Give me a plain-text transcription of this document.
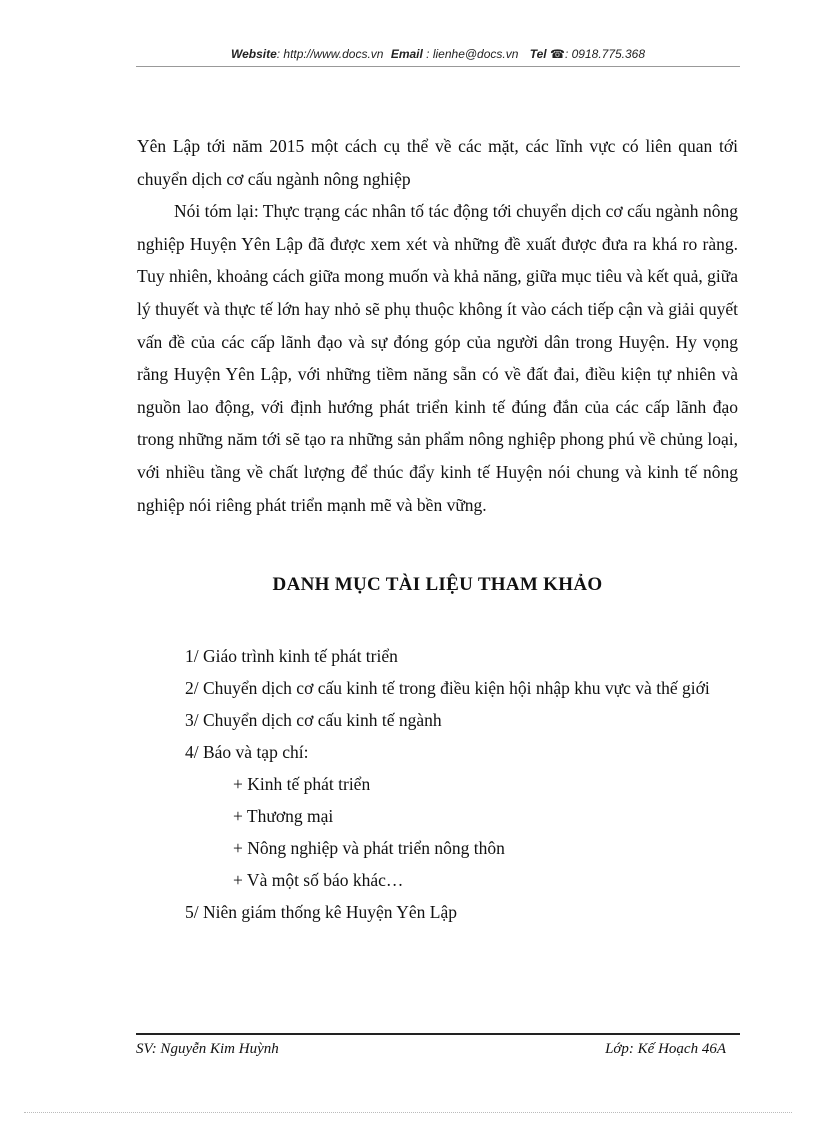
Website: http://www.docs.vn Email : lienhe@docs.vn Tel ☎: 0918.775.368

Yên Lập tới năm 2015 một cách cụ thể về các mặt, các lĩnh vực có liên quan tới chuyển dịch cơ cấu ngành nông nghiệp

Nói tóm lại: Thực trạng các nhân tố tác động tới chuyển dịch cơ cấu ngành nông nghiệp Huyện Yên Lập đã được xem xét và những đề xuất được đưa ra khá ro ràng. Tuy nhiên, khoảng cách giữa mong muốn và khả năng, giữa mục tiêu và kết quả, giữa lý thuyết và thực tế lớn hay nhỏ sẽ phụ thuộc không ít vào cách tiếp cận và giải quyết vấn đề của các cấp lãnh đạo và sự đóng góp của người dân trong Huyện. Hy vọng rằng Huyện Yên Lập, với những tiềm năng sẵn có về đất đai, điều kiện tự nhiên và nguồn lao động, với định hướng phát triển kinh tế đúng đắn của các cấp lãnh đạo trong những năm tới sẽ tạo ra những sản phẩm nông nghiệp phong phú về chủng loại, với nhiều tầng về chất lượng để thúc đẩy kinh tế Huyện nói chung và kinh tế nông nghiệp nói riêng phát triển mạnh mẽ và bền vững.

DANH MỤC TÀI LIỆU THAM KHẢO

1/ Giáo trình kinh tế phát triển

2/ Chuyển dịch cơ cấu kinh tế trong điều kiện hội nhập khu vực và thế giới

3/ Chuyển dịch cơ cấu kinh tế ngành

4/ Báo và tạp chí:

+ Kinh tế phát triển

+ Thương mại

+ Nông nghiệp và phát triển nông thôn

+ Và một số báo khác…

5/ Niên giám thống kê Huyện Yên Lập

SV: Nguyễn Kim Huỳnh	Lớp: Kế Hoạch 46A
